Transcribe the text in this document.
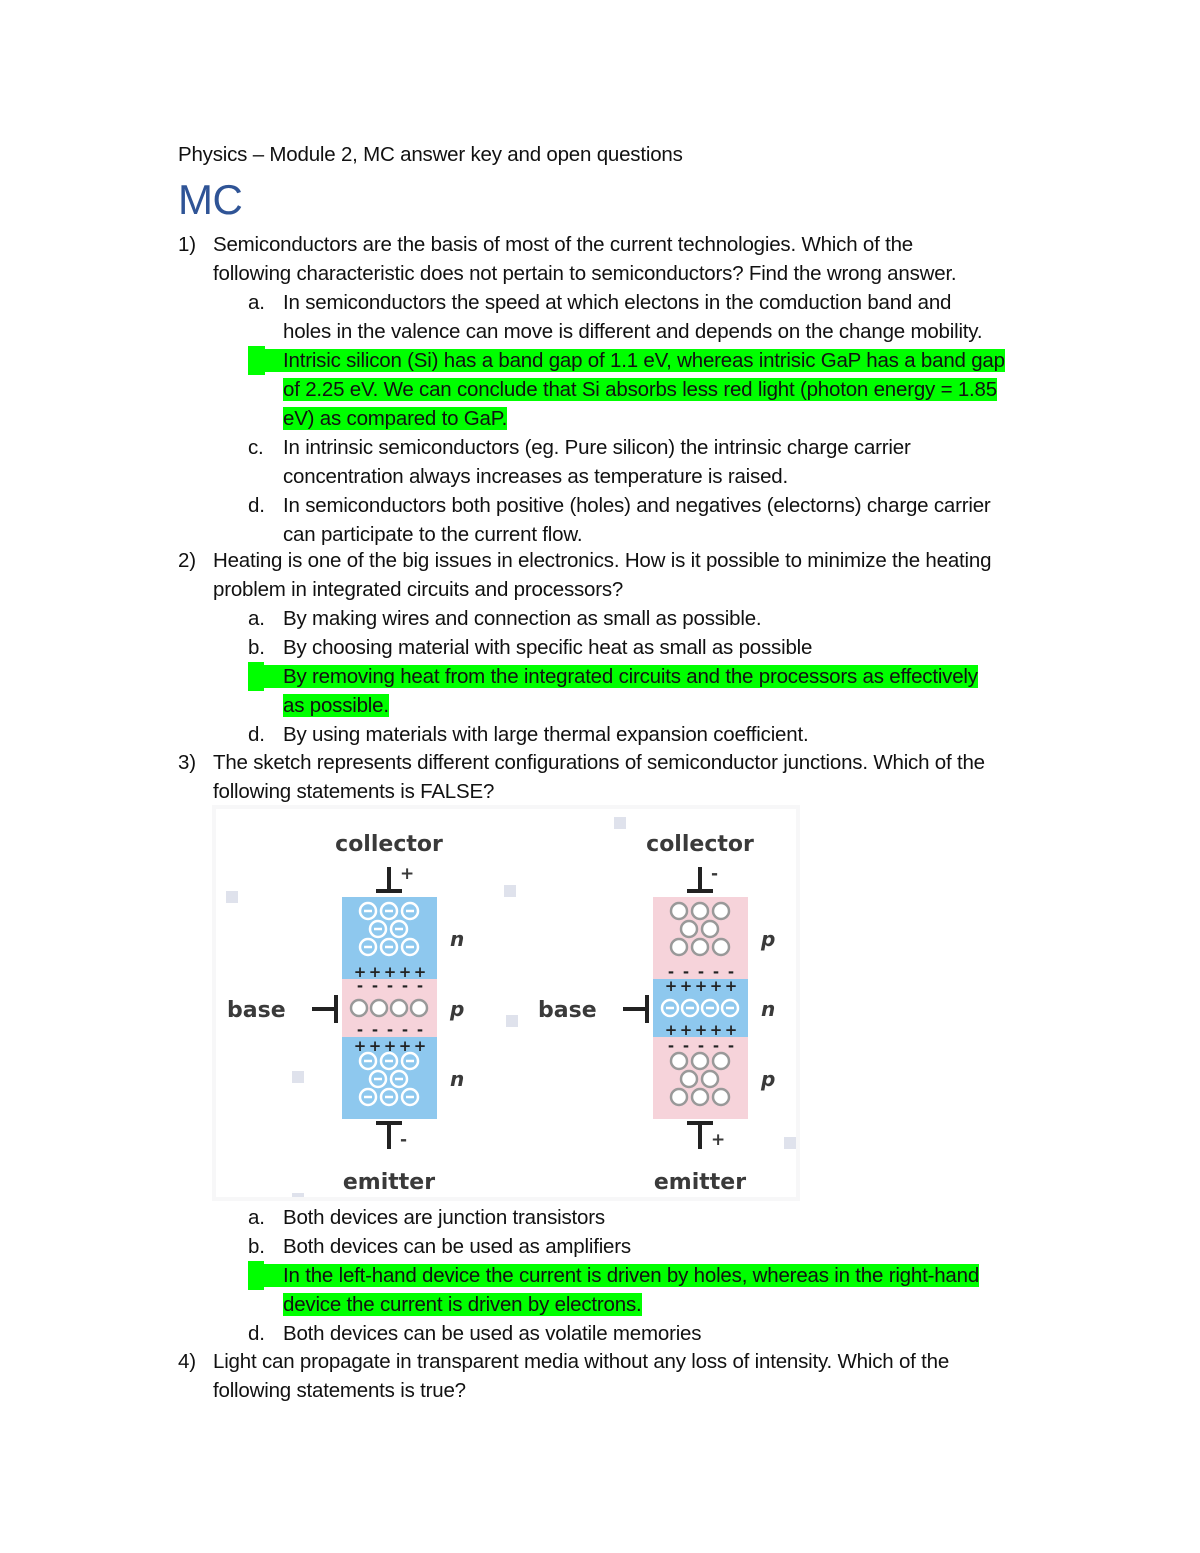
Physics – Module 2, MC answer key and open questions
MC
1) Semiconductors are the basis of most of the current technologies. Which of the
following characteristic does not pertain to semiconductors? Find the wrong answer.
a. In semiconductors the speed at which electons in the comduction band and
holes in the valence can move is different and depends on the change mobility.
Intrisic silicon (Si) has a band gap of 1.1 eV, whereas intrisic GaP has a band gap
of 2.25 eV. We can conclude that Si absorbs less red light (photon energy = 1.85
eV) as compared to GaP.
c. In intrinsic semiconductors (eg. Pure silicon) the intrinsic charge carrier
concentration always increases as temperature is raised.
d. In semiconductors both positive (holes) and negatives (electorns) charge carrier
can participate to the current flow.
2) Heating is one of the big issues in electronics. How is it possible to minimize the heating
problem in integrated circuits and processors?
a. By making wires and connection as small as possible.
b. By choosing material with specific heat as small as possible
By removing heat from the integrated circuits and the processors as effectively
as possible.
d. By using materials with large thermal expansion coefficient.
3) The sketch represents different configurations of semiconductor junctions. Which of the
following statements is FALSE?
a. Both devices are junction transistors
b. Both devices can be used as amplifiers
In the left-hand device the current is driven by holes, whereas in the right-hand
device the current is driven by electrons.
d. Both devices can be used as volatile memories
4) Light can propagate in transparent media without any loss of intensity. Which of the
following statements is true?
collector
emitter
+
-
n
p
n
+ + + + +
- - - - -
- - - - -
+ + + + +
base
collector
emitter
-
+
p
n
p
- - - - -
+ + + + +
+ + + + +
- - - - -
base
